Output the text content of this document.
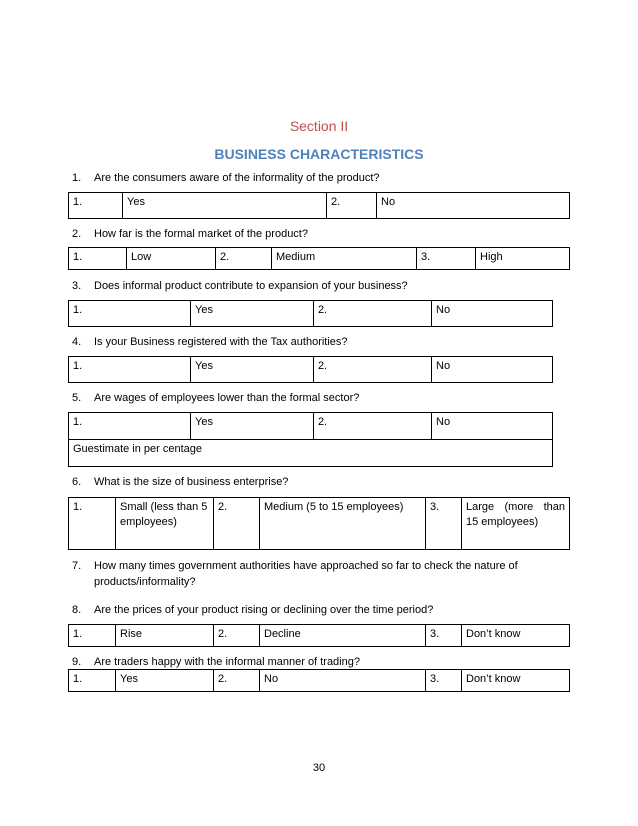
Section II
BUSINESS CHARACTERISTICS
1. Are the consumers aware of the informality of the product?
1.	Yes	2.	No
2. How far is the formal market of the product?
1.	Low	2.	Medium	3.	High
3. Does informal product contribute to expansion of your business?
1.	Yes	2.	No
4. Is your Business registered with the Tax authorities?
1.	Yes	2.	No
5. Are wages of employees lower than the formal sector?
1.	Yes	2.	No
Guestimate in per centage
6. What is the size of business enterprise?
1.	Small (less than 5 employees)	2.	Medium (5 to 15 employees)	3.	Large (more than 15 employees)
7. How many times government authorities have approached so far to check the nature of products/informality?
8. Are the prices of your product rising or declining over the time period?
1.	Rise	2.	Decline	3.	Don’t know
9. Are traders happy with the informal manner of trading?
1.	Yes	2.	No	3.	Don’t know
30
